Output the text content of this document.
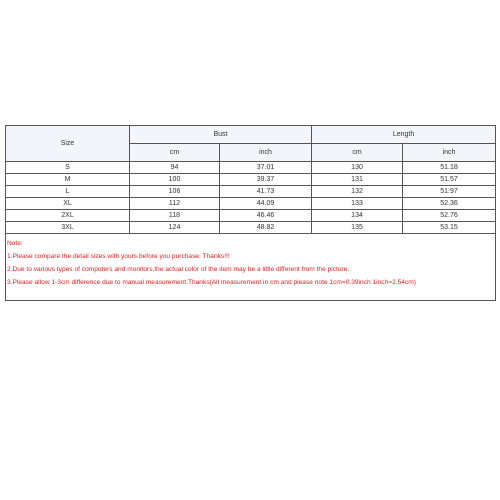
Size	Bust		Length	
	cm	inch	cm	inch
S	94	37.01	130	51.18
M	100	39.37	131	51.57
L	106	41.73	132	51.97
XL	112	44.09	133	52.36
2XL	118	46.46	134	52.76
3XL	124	48.82	135	53.15

Note:
1.Please compare the detail sizes with yours before you purchase. Thanks!!!
2.Due to various types of computers and monitors,the actual color of the item may be a little different from the picture.
3.Please allow 1-3cm difference due to manual measurement.Thanks(All measurement in cm and please note 1cm=0.39inch 1inch=2.54cm)				
